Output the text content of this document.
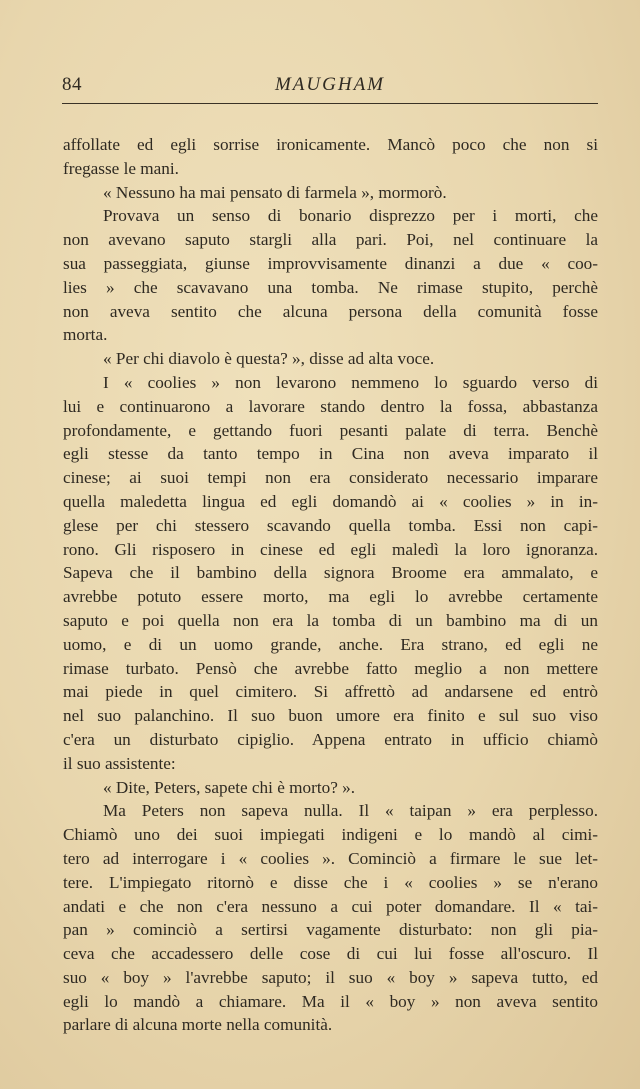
84	MAUGHAM
affollate ed egli sorrise ironicamente. Mancò poco che non si
fregasse le mani.
« Nessuno ha mai pensato di farmela », mormorò.
Provava un senso di bonario disprezzo per i morti, che
non avevano saputo stargli alla pari. Poi, nel continuare la
sua passeggiata, giunse improvvisamente dinanzi a due « coo-
lies » che scavavano una tomba. Ne rimase stupito, perchè
non aveva sentito che alcuna persona della comunità fosse
morta.
« Per chi diavolo è questa? », disse ad alta voce.
I « coolies » non levarono nemmeno lo sguardo verso di
lui e continuarono a lavorare stando dentro la fossa, abbastanza
profondamente, e gettando fuori pesanti palate di terra. Benchè
egli stesse da tanto tempo in Cina non aveva imparato il
cinese; ai suoi tempi non era considerato necessario imparare
quella maledetta lingua ed egli domandò ai « coolies » in in-
glese per chi stessero scavando quella tomba. Essi non capi-
rono. Gli risposero in cinese ed egli maledì la loro ignoranza.
Sapeva che il bambino della signora Broome era ammalato, e
avrebbe potuto essere morto, ma egli lo avrebbe certamente
saputo e poi quella non era la tomba di un bambino ma di un
uomo, e di un uomo grande, anche. Era strano, ed egli ne
rimase turbato. Pensò che avrebbe fatto meglio a non mettere
mai piede in quel cimitero. Si affrettò ad andarsene ed entrò
nel suo palanchino. Il suo buon umore era finito e sul suo viso
c'era un disturbato cipiglio. Appena entrato in ufficio chiamò
il suo assistente:
« Dite, Peters, sapete chi è morto? ».
Ma Peters non sapeva nulla. Il « taipan » era perplesso.
Chiamò uno dei suoi impiegati indigeni e lo mandò al cimi-
tero ad interrogare i « coolies ». Cominciò a firmare le sue let-
tere. L'impiegato ritornò e disse che i « coolies » se n'erano
andati e che non c'era nessuno a cui poter domandare. Il « tai-
pan » cominciò a sertirsi vagamente disturbato: non gli pia-
ceva che accadessero delle cose di cui lui fosse all'oscuro. Il
suo « boy » l'avrebbe saputo; il suo « boy » sapeva tutto, ed
egli lo mandò a chiamare. Ma il « boy » non aveva sentito
parlare di alcuna morte nella comunità.
